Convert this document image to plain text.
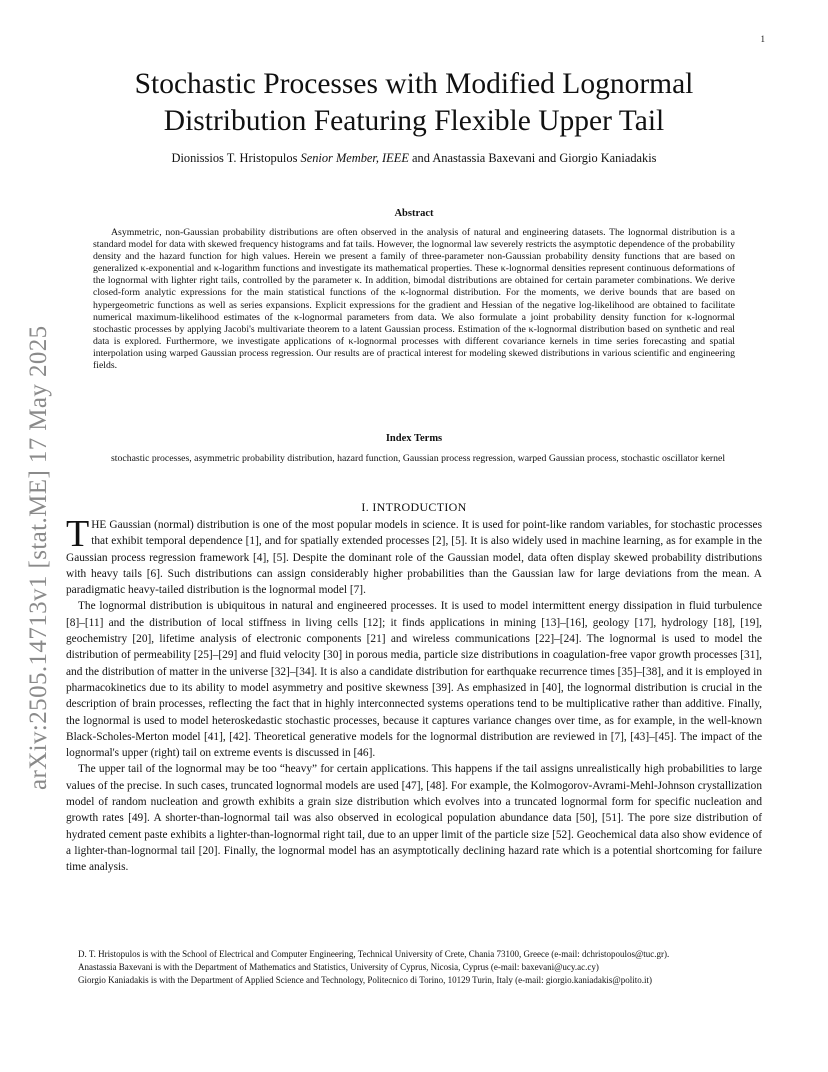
1
arXiv:2505.14713v1 [stat.ME] 17 May 2025
Stochastic Processes with Modified Lognormal Distribution Featuring Flexible Upper Tail
Dionissios T. Hristopulos Senior Member, IEEE and Anastassia Baxevani and Giorgio Kaniadakis
Abstract
Asymmetric, non-Gaussian probability distributions are often observed in the analysis of natural and engineering datasets. The lognormal distribution is a standard model for data with skewed frequency histograms and fat tails. However, the lognormal law severely restricts the asymptotic dependence of the probability density and the hazard function for high values. Herein we present a family of three-parameter non-Gaussian probability density functions that are based on generalized κ-exponential and κ-logarithm functions and investigate its mathematical properties. These κ-lognormal densities represent continuous deformations of the lognormal with lighter right tails, controlled by the parameter κ. In addition, bimodal distributions are obtained for certain parameter combinations. We derive closed-form analytic expressions for the main statistical functions of the κ-lognormal distribution. For the moments, we derive bounds that are based on hypergeometric functions as well as series expansions. Explicit expressions for the gradient and Hessian of the negative log-likelihood are obtained to facilitate numerical maximum-likelihood estimates of the κ-lognormal parameters from data. We also formulate a joint probability density function for κ-lognormal stochastic processes by applying Jacobi's multivariate theorem to a latent Gaussian process. Estimation of the κ-lognormal distribution based on synthetic and real data is explored. Furthermore, we investigate applications of κ-lognormal processes with different covariance kernels in time series forecasting and spatial interpolation using warped Gaussian process regression. Our results are of practical interest for modeling skewed distributions in various scientific and engineering fields.
Index Terms
stochastic processes, asymmetric probability distribution, hazard function, Gaussian process regression, warped Gaussian process, stochastic oscillator kernel
I. INTRODUCTION

THE Gaussian (normal) distribution is one of the most popular models in science. It is used for point-like random variables, for stochastic processes that exhibit temporal dependence [1], and for spatially extended processes [2], [5]. It is also widely used in machine learning, as for example in the Gaussian process regression framework [4], [5]. Despite the dominant role of the Gaussian model, data often display skewed probability distributions with heavy tails [6]. Such distributions can assign considerably higher probabilities than the Gaussian law for large deviations from the mean. A paradigmatic heavy-tailed distribution is the lognormal model [7].

The lognormal distribution is ubiquitous in natural and engineered processes. It is used to model intermittent energy dissipation in fluid turbulence [8]–[11] and the distribution of local stiffness in living cells [12]; it finds applications in mining [13]–[16], geology [17], hydrology [18], [19], geochemistry [20], lifetime analysis of electronic components [21] and wireless communications [22]–[24]. The lognormal is used to model the distribution of permeability [25]–[29] and fluid velocity [30] in porous media, particle size distributions in coagulation-free vapor growth processes [31], and the distribution of matter in the universe [32]–[34]. It is also a candidate distribution for earthquake recurrence times [35]–[38], and it is employed in pharmacokinetics due to its ability to model asymmetry and positive skewness [39]. As emphasized in [40], the lognormal distribution is crucial in the description of brain processes, reflecting the fact that in highly interconnected systems operations tend to be multiplicative rather than additive. Finally, the lognormal is used to model heteroskedastic stochastic processes, because it captures variance changes over time, as for example, in the well-known Black-Scholes-Merton model [41], [42]. Theoretical generative models for the lognormal distribution are reviewed in [7], [43]–[45]. The impact of the lognormal's upper (right) tail on extreme events is discussed in [46].

The upper tail of the lognormal may be too “heavy” for certain applications. This happens if the tail assigns unrealistically high probabilities to large values of the precise. In such cases, truncated lognormal models are used [47], [48]. For example, the Kolmogorov-Avrami-Mehl-Johnson crystallization model of random nucleation and growth exhibits a grain size distribution which evolves into a truncated lognormal form for specific nucleation and growth rates [49]. A shorter-than-lognormal tail was also observed in ecological population abundance data [50], [51]. The pore size distribution of hydrated cement paste exhibits a lighter-than-lognormal right tail, due to an upper limit of the particle size [52]. Geochemical data also show evidence of a lighter-than-lognormal tail [20]. Finally, the lognormal model has an asymptotically declining hazard rate which is a potential shortcoming for failure time analysis.

D. T. Hristopulos is with the School of Electrical and Computer Engineering, Technical University of Crete, Chania 73100, Greece (e-mail: dchristopoulos@tuc.gr).

Anastassia Baxevani is with the Department of Mathematics and Statistics, University of Cyprus, Nicosia, Cyprus (e-mail: baxevani@ucy.ac.cy)

Giorgio Kaniadakis is with the Department of Applied Science and Technology, Politecnico di Torino, 10129 Turin, Italy (e-mail: giorgio.kaniadakis@polito.it)
